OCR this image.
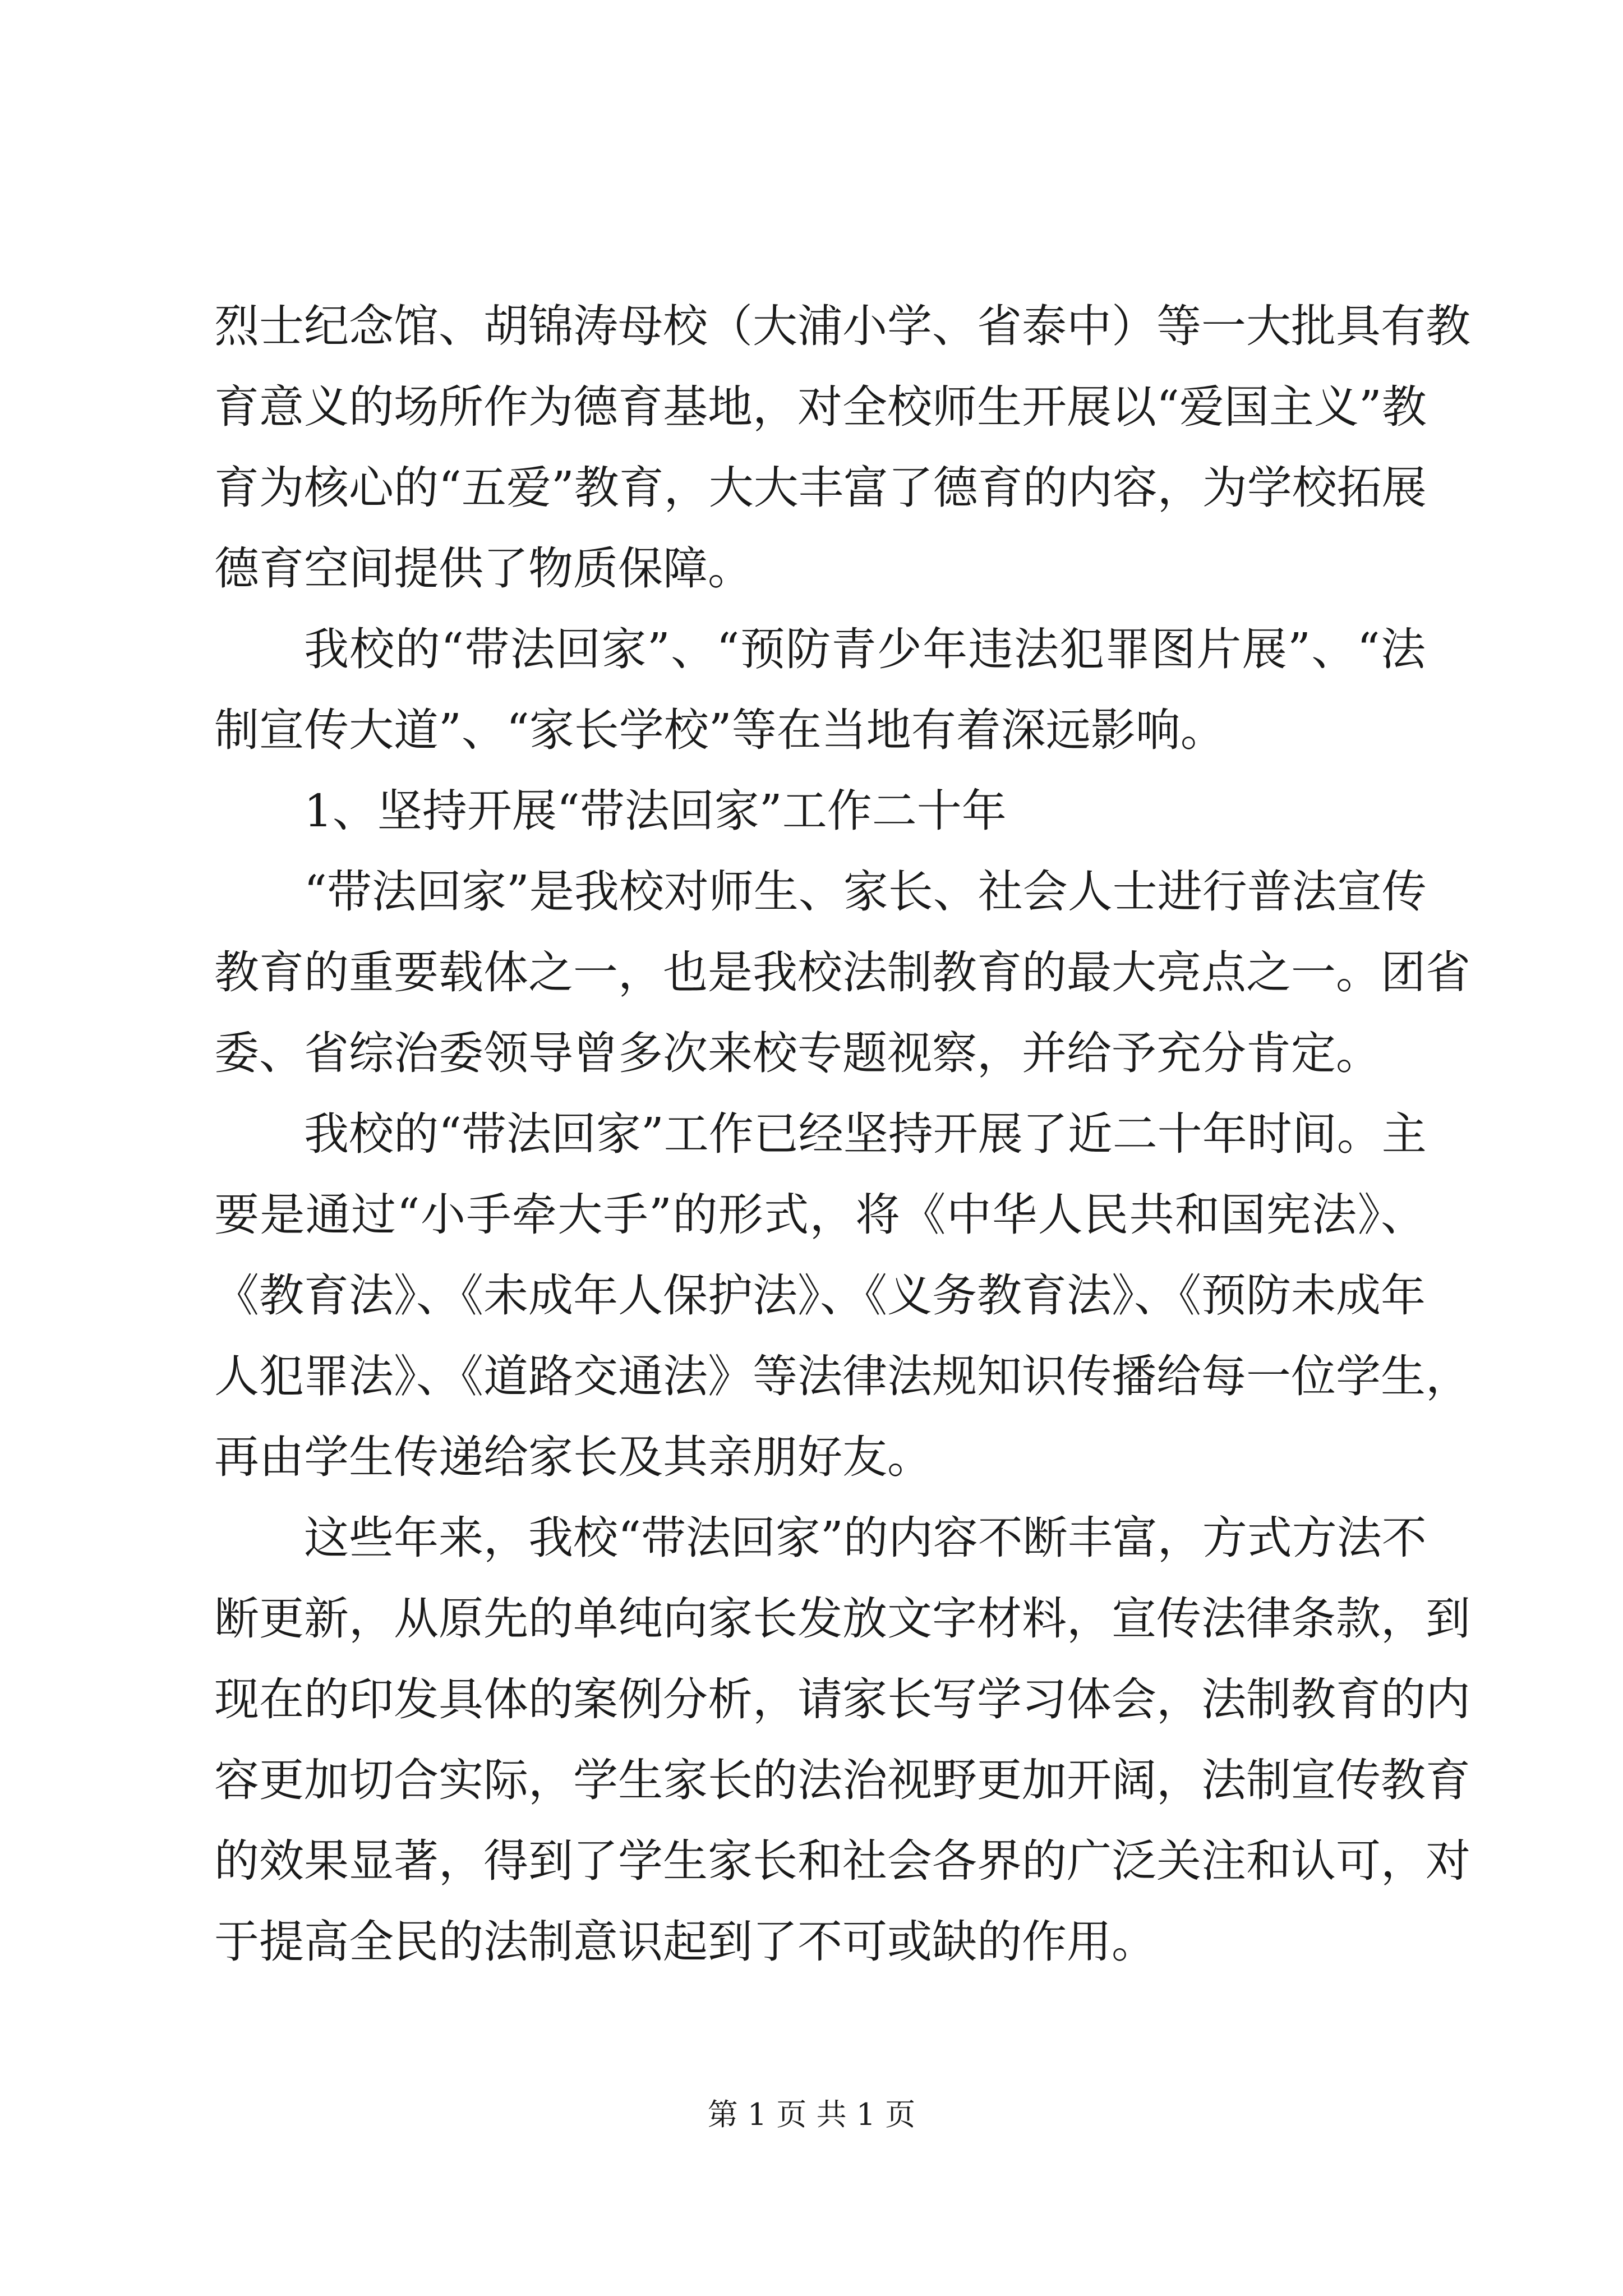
烈士纪念馆、胡锦涛母校（大浦小学、省泰中）等一大批具有教
育意义的场所作为德育基地，对全校师生开展以“爱国主义”教
育为核心的“五爱”教育，大大丰富了德育的内容，为学校拓展
德育空间提供了物质保障。
我校的“带法回家”、“预防青少年违法犯罪图片展”、“法
制宣传大道”、“家长学校”等在当地有着深远影响。
1、坚持开展“带法回家”工作二十年
“带法回家”是我校对师生、家长、社会人士进行普法宣传
教育的重要载体之一，也是我校法制教育的最大亮点之一。团省
委、省综治委领导曾多次来校专题视察，并给予充分肯定。
我校的“带法回家”工作已经坚持开展了近二十年时间。主
要是通过“小手牵大手”的形式，将《中华人民共和国宪法》、
《教育法》、《未成年人保护法》、《义务教育法》、《预防未成年
人犯罪法》、《道路交通法》等法律法规知识传播给每一位学生，
再由学生传递给家长及其亲朋好友。
这些年来，我校“带法回家”的内容不断丰富，方式方法不
断更新，从原先的单纯向家长发放文字材料，宣传法律条款，到
现在的印发具体的案例分析，请家长写学习体会，法制教育的内
容更加切合实际，学生家长的法治视野更加开阔，法制宣传教育
的效果显著，得到了学生家长和社会各界的广泛关注和认可，对
于提高全民的法制意识起到了不可或缺的作用。
第 1 页 共 1 页
